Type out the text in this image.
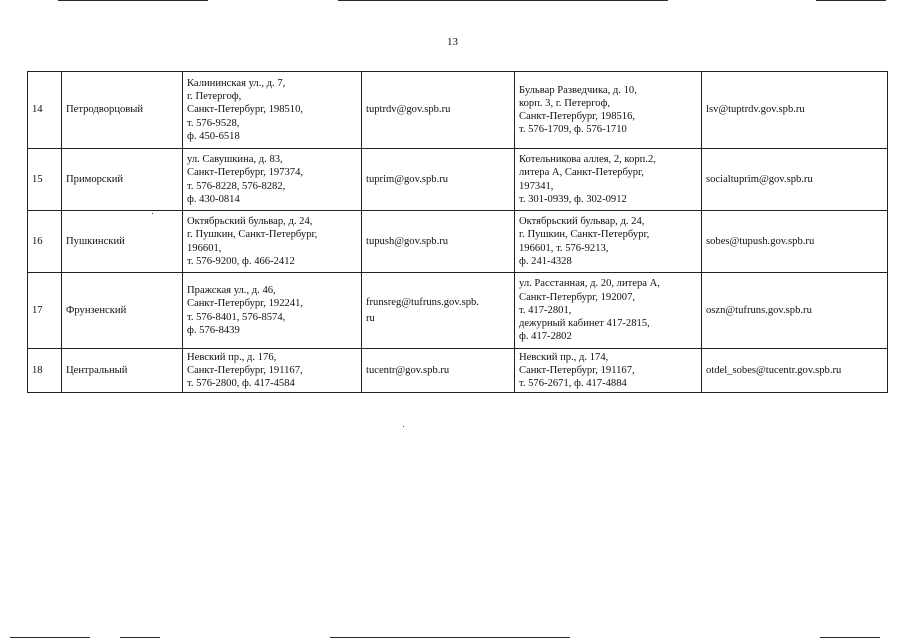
13
14	Петродворцовый	Калининская ул., д. 7,
г. Петергоф,
Санкт-Петербург, 198510,
т. 576-9528,
ф. 450-6518	tuptrdv@gov.spb.ru	Бульвар Разведчика, д. 10,
корп. 3, г. Петергоф,
Санкт-Петербург, 198516,
т. 576-1709, ф. 576-1710	lsv@tuptrdv.gov.spb.ru

15	Приморский	ул. Савушкина, д. 83,
Санкт-Петербург, 197374,
т. 576-8228, 576-8282,
ф. 430-0814	tuprim@gov.spb.ru	Котельникова аллея, 2, корп.2,
литера А, Санкт-Петербург,
197341,
т. 301-0939, ф. 302-0912	socialtuprim@gov.spb.ru

16	Пушкинский	Октябрьский бульвар, д. 24,
г. Пушкин, Санкт-Петербург,
196601,
т. 576-9200, ф. 466-2412	tupush@gov.spb.ru	Октябрьский бульвар, д. 24,
г. Пушкин, Санкт-Петербург,
196601, т. 576-9213,
ф. 241-4328	sobes@tupush.gov.spb.ru

17	Фрунзенский	Пражская ул., д. 46,
Санкт-Петербург, 192241,
т. 576-8401, 576-8574,
ф. 576-8439	frunsreg@tufruns.gov.spb.
ru	ул. Расстанная, д. 20, литера А,
Санкт-Петербург, 192007,
т. 417-2801,
дежурный кабинет 417-2815,
ф. 417-2802	oszn@tufruns.gov.spb.ru

18	Центральный	Невский пр., д. 176,
Санкт-Петербург, 191167,
т. 576-2800, ф. 417-4584	tucentr@gov.spb.ru	Невский пр., д. 174,
Санкт-Петербург, 191167,
т. 576-2671, ф. 417-4884	otdel_sobes@tucentr.gov.spb.ru
